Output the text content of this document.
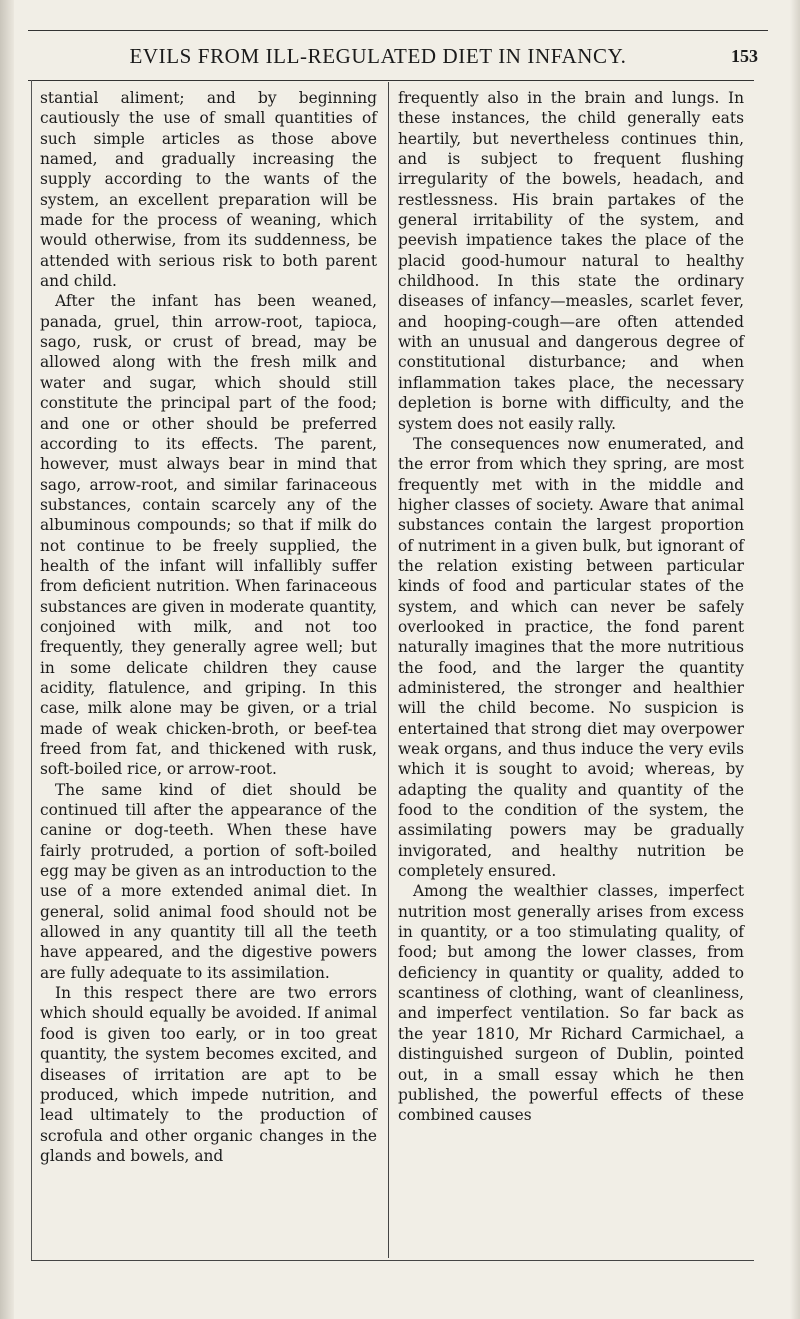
EVILS FROM ILL-REGULATED DIET IN INFANCY.	153

stantial aliment; and by beginning cautiously the use of small quantities of such simple articles as those above named, and gradually increasing the supply according to the wants of the system, an excellent preparation will be made for the process of weaning, which would otherwise, from its suddenness, be attended with serious risk to both parent and child.

After the infant has been weaned, panada, gruel, thin arrow-root, tapioca, sago, rusk, or crust of bread, may be allowed along with the fresh milk and water and sugar, which should still constitute the principal part of the food; and one or other should be preferred according to its effects. The parent, however, must always bear in mind that sago, arrow-root, and similar farinaceous substances, contain scarcely any of the albuminous compounds; so that if milk do not continue to be freely supplied, the health of the infant will infallibly suffer from deficient nutrition. When farinaceous substances are given in moderate quantity, conjoined with milk, and not too frequently, they generally agree well; but in some delicate children they cause acidity, flatulence, and griping. In this case, milk alone may be given, or a trial made of weak chicken-broth, or beef-tea freed from fat, and thickened with rusk, soft-boiled rice, or arrow-root.

The same kind of diet should be continued till after the appearance of the canine or dog-teeth. When these have fairly protruded, a portion of soft-boiled egg may be given as an introduction to the use of a more extended animal diet. In general, solid animal food should not be allowed in any quantity till all the teeth have appeared, and the digestive powers are fully adequate to its assimilation.

In this respect there are two errors which should equally be avoided. If animal food is given too early, or in too great quantity, the system becomes excited, and diseases of irritation are apt to be produced, which impede nutrition, and lead ultimately to the production of scrofula and other organic changes in the glands and bowels, and

frequently also in the brain and lungs. In these instances, the child generally eats heartily, but nevertheless continues thin, and is subject to frequent flushing irregularity of the bowels, headach, and restlessness. His brain partakes of the general irritability of the system, and peevish impatience takes the place of the placid good-humour natural to healthy childhood. In this state the ordinary diseases of infancy—measles, scarlet fever, and hooping-cough—are often attended with an unusual and dangerous degree of constitutional disturbance; and when inflammation takes place, the necessary depletion is borne with difficulty, and the system does not easily rally.

The consequences now enumerated, and the error from which they spring, are most frequently met with in the middle and higher classes of society. Aware that animal substances contain the largest proportion of nutriment in a given bulk, but ignorant of the relation existing between particular kinds of food and particular states of the system, and which can never be safely overlooked in practice, the fond parent naturally imagines that the more nutritious the food, and the larger the quantity administered, the stronger and healthier will the child become. No suspicion is entertained that strong diet may overpower weak organs, and thus induce the very evils which it is sought to avoid; whereas, by adapting the quality and quantity of the food to the condition of the system, the assimilating powers may be gradually invigorated, and healthy nutrition be completely ensured.

Among the wealthier classes, imperfect nutrition most generally arises from excess in quantity, or a too stimulating quality, of food; but among the lower classes, from deficiency in quantity or quality, added to scantiness of clothing, want of cleanliness, and imperfect ventilation. So far back as the year 1810, Mr Richard Carmichael, a distinguished surgeon of Dublin, pointed out, in a small essay which he then published, the powerful effects of these combined causes
